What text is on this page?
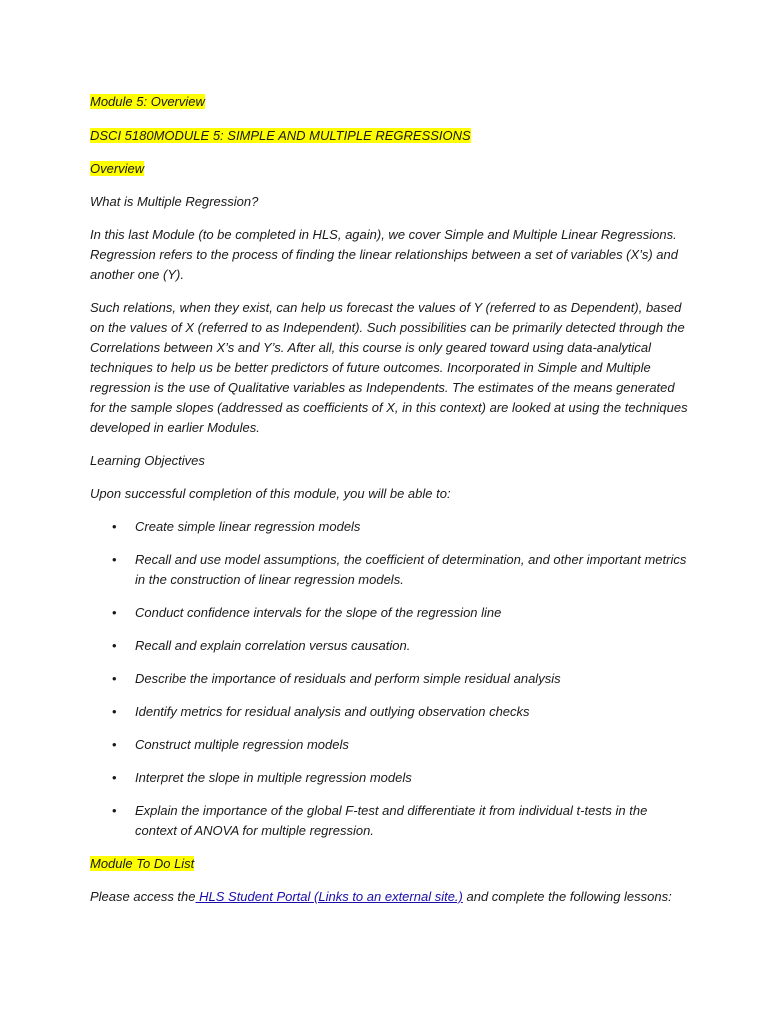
Module 5: Overview

DSCI 5180MODULE 5: SIMPLE AND MULTIPLE REGRESSIONS

Overview

What is Multiple Regression?

In this last Module (to be completed in HLS, again), we cover Simple and Multiple Linear Regressions. Regression refers to the process of finding the linear relationships between a set of variables (X’s) and another one (Y).

Such relations, when they exist, can help us forecast the values of Y (referred to as Dependent), based on the values of X (referred to as Independent). Such possibilities can be primarily detected through the Correlations between X’s and Y’s. After all, this course is only geared toward using data-analytical techniques to help us be better predictors of future outcomes. Incorporated in Simple and Multiple regression is the use of Qualitative variables as Independents. The estimates of the means generated for the sample slopes (addressed as coefficients of X, in this context) are looked at using the techniques developed in earlier Modules.

Learning Objectives

Upon successful completion of this module, you will be able to:

• Create simple linear regression models
• Recall and use model assumptions, the coefficient of determination, and other important metrics in the construction of linear regression models.
• Conduct confidence intervals for the slope of the regression line
• Recall and explain correlation versus causation.
• Describe the importance of residuals and perform simple residual analysis
• Identify metrics for residual analysis and outlying observation checks
• Construct multiple regression models
• Interpret the slope in multiple regression models
• Explain the importance of the global F-test and differentiate it from individual t-tests in the context of ANOVA for multiple regression.

Module To Do List

Please access the HLS Student Portal (Links to an external site.) and complete the following lessons:
